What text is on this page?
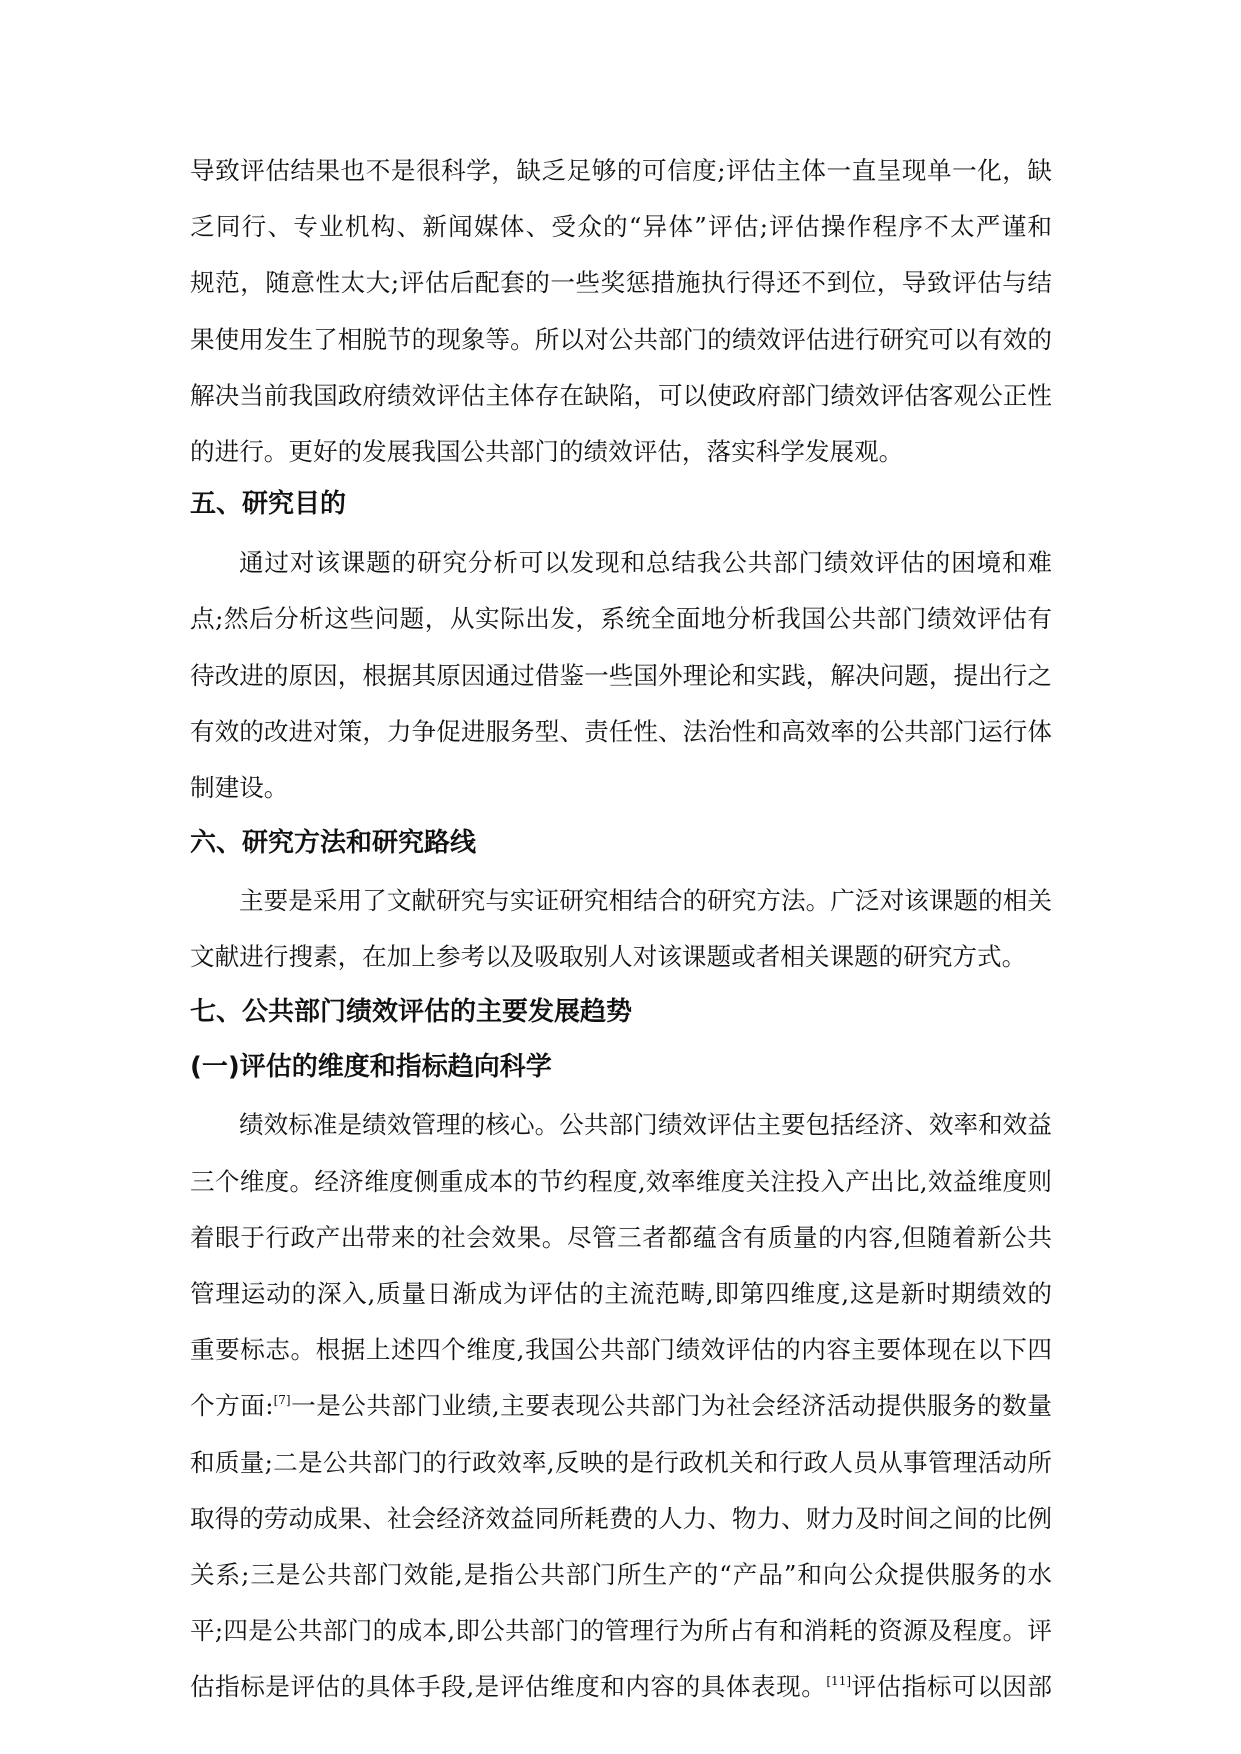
导致评估结果也不是很科学，缺乏足够的可信度;评估主体一直呈现单一化，缺
乏同行、专业机构、新闻媒体、受众的“异体”评估;评估操作程序不太严谨和
规范，随意性太大;评估后配套的一些奖惩措施执行得还不到位，导致评估与结
果使用发生了相脱节的现象等。所以对公共部门的绩效评估进行研究可以有效的
解决当前我国政府绩效评估主体存在缺陷，可以使政府部门绩效评估客观公正性
的进行。更好的发展我国公共部门的绩效评估，落实科学发展观。
五、研究目的
通过对该课题的研究分析可以发现和总结我公共部门绩效评估的困境和难
点;然后分析这些问题，从实际出发，系统全面地分析我国公共部门绩效评估有
待改进的原因，根据其原因通过借鉴一些国外理论和实践，解决问题，提出行之
有效的改进对策，力争促进服务型、责任性、法治性和高效率的公共部门运行体
制建设。
六、研究方法和研究路线
主要是采用了文献研究与实证研究相结合的研究方法。广泛对该课题的相关
文献进行搜素，在加上参考以及吸取别人对该课题或者相关课题的研究方式。
七、公共部门绩效评估的主要发展趋势
(一)评估的维度和指标趋向科学
绩效标准是绩效管理的核心。公共部门绩效评估主要包括经济、效率和效益
三个维度。经济维度侧重成本的节约程度,效率维度关注投入产出比,效益维度则
着眼于行政产出带来的社会效果。尽管三者都蕴含有质量的内容,但随着新公共
管理运动的深入,质量日渐成为评估的主流范畴,即第四维度,这是新时期绩效的
重要标志。根据上述四个维度,我国公共部门绩效评估的内容主要体现在以下四
个方面:[7]一是公共部门业绩,主要表现公共部门为社会经济活动提供服务的数量
和质量;二是公共部门的行政效率,反映的是行政机关和行政人员从事管理活动所
取得的劳动成果、社会经济效益同所耗费的人力、物力、财力及时间之间的比例
关系;三是公共部门效能,是指公共部门所生产的“产品”和向公众提供服务的水
平;四是公共部门的成本,即公共部门的管理行为所占有和消耗的资源及程度。评
估指标是评估的具体手段,是评估维度和内容的具体表现。[11]评估指标可以因部
